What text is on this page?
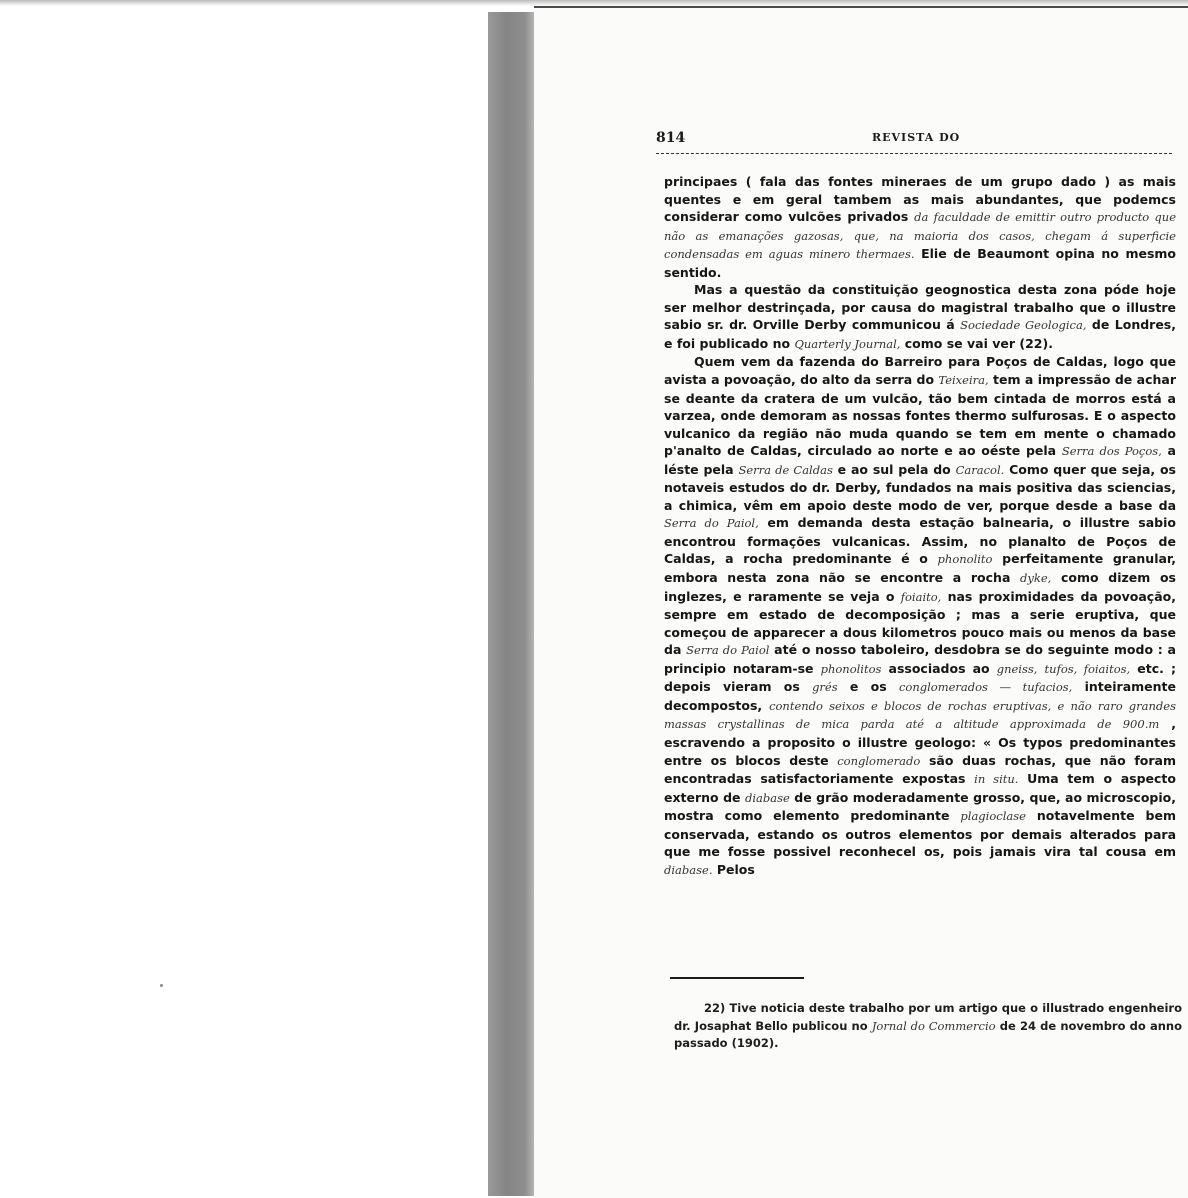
814	REVISTA DO

principaes ( fala das fontes mineraes de um grupo dado ) as mais quentes e em geral tambem as mais abundantes, que podemcs considerar como vulcões privados da faculdade de emittir outro producto que não as emanações gazosas, que, na maioria dos casos, chegam á superficie condensadas em aguas minero thermaes. Elie de Beaumont opina no mesmo sentido.

Mas a questão da constituição geognostica desta zona póde hoje ser melhor destrinçada, por causa do magistral trabalho que o illustre sabio sr. dr. Orville Derby communicou á Sociedade Geologica, de Londres, e foi publicado no Quarterly Journal, como se vai ver (22).

Quem vem da fazenda do Barreiro para Poços de Caldas, logo que avista a povoação, do alto da serra do Teixeira, tem a impressão de achar se deante da cratera de um vulcão, tão bem cintada de morros está a varzea, onde demoram as nossas fontes thermo sulfurosas. E o aspecto vulcanico da região não muda quando se tem em mente o chamado p'analto de Caldas, circulado ao norte e ao oéste pela Serra dos Poços, a léste pela Serra de Caldas e ao sul pela do Caracol. Como quer que seja, os notaveis estudos do dr. Derby, fundados na mais positiva das sciencias, a chimica, vêm em apoio deste modo de ver, porque desde a base da Serra do Paiol, em demanda desta estação balnearia, o illustre sabio encontrou formações vulcanicas. Assim, no planalto de Poços de Caldas, a rocha predominante é o phonolito perfeitamente granular, embora nesta zona não se encontre a rocha dyke, como dizem os inglezes, e raramente se veja o foiaito, nas proximidades da povoação, sempre em estado de decomposição ; mas a serie eruptiva, que começou de apparecer a dous kilometros pouco mais ou menos da base da Serra do Paiol até o nosso taboleiro, desdobra se do seguinte modo : a principio notaram-se phonolitos associados ao gneiss, tufos, foiaitos, etc. ; depois vieram os grés e os conglomerados — tufacios, inteiramente decompostos, contendo seixos e blocos de rochas eruptivas, e não raro grandes massas crystallinas de mica parda até a altitude approximada de 900.m , escravendo a proposito o illustre geologo: « Os typos predominantes entre os blocos deste conglomerado são duas rochas, que não foram encontradas satisfactoriamente expostas in situ. Uma tem o aspecto externo de diabase de grão moderadamente grosso, que, ao microscopio, mostra como elemento predominante plagioclase notavelmente bem conservada, estando os outros elementos por demais alterados para que me fosse possivel reconhecel os, pois jamais vira tal cousa em diabase. Pelos

22) Tive noticia deste trabalho por um artigo que o illustrado engenheiro dr. Josaphat Bello publicou no Jornal do Commercio de 24 de novembro do anno passado (1902).
